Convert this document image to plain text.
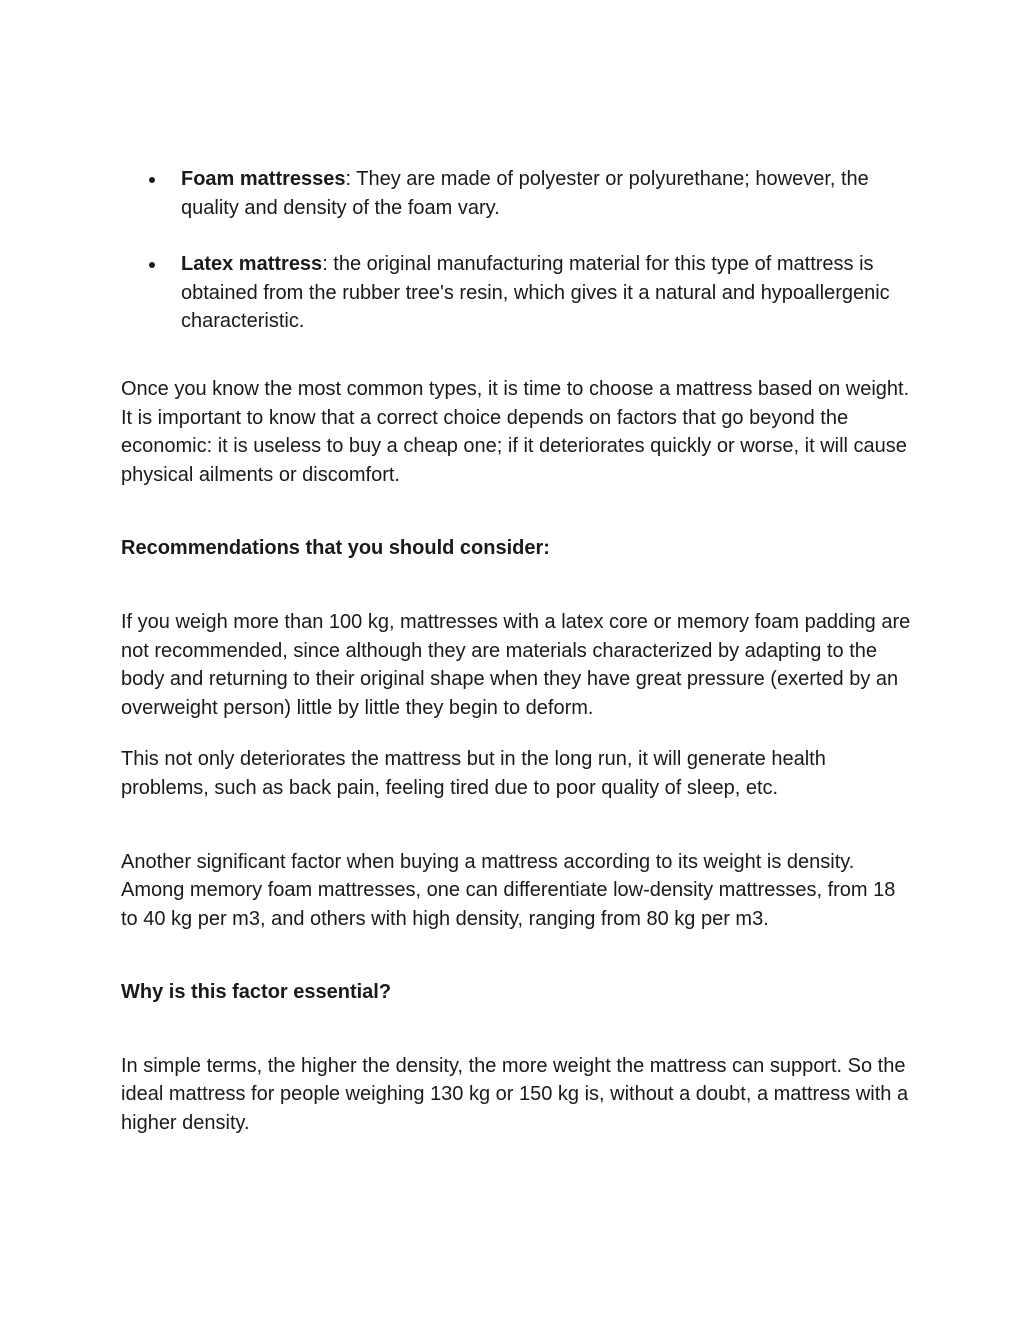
Foam mattresses: They are made of polyester or polyurethane; however, the quality and density of the foam vary.
Latex mattress: the original manufacturing material for this type of mattress is obtained from the rubber tree's resin, which gives it a natural and hypoallergenic characteristic.

Once you know the most common types, it is time to choose a mattress based on weight. It is important to know that a correct choice depends on factors that go beyond the economic: it is useless to buy a cheap one; if it deteriorates quickly or worse, it will cause physical ailments or discomfort.

Recommendations that you should consider:

If you weigh more than 100 kg, mattresses with a latex core or memory foam padding are not recommended, since although they are materials characterized by adapting to the body and returning to their original shape when they have great pressure (exerted by an overweight person) little by little they begin to deform.

This not only deteriorates the mattress but in the long run, it will generate health problems, such as back pain, feeling tired due to poor quality of sleep, etc.

Another significant factor when buying a mattress according to its weight is density. Among memory foam mattresses, one can differentiate low-density mattresses, from 18 to 40 kg per m3, and others with high density, ranging from 80 kg per m3.

Why is this factor essential?

In simple terms, the higher the density, the more weight the mattress can support. So the ideal mattress for people weighing 130 kg or 150 kg is, without a doubt, a mattress with a higher density.
